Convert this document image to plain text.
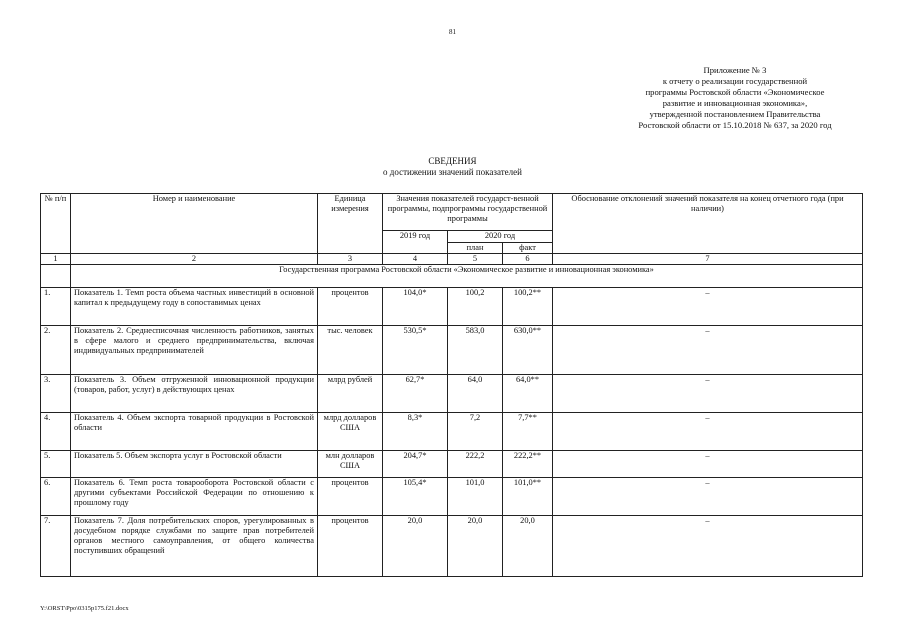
81
Приложение № 3
к отчету о реализации государственной
программы Ростовской области «Экономическое
развитие и инновационная экономика»,
утвержденной постановлением Правительства
Ростовской области от 15.10.2018 № 637, за 2020 год
СВЕДЕНИЯ
о достижении значений показателей
№ п/п	Номер и наименование	Единица измерения	Значения показателей государст-венной программы, подпрограммы государственной программы			Обоснование отклонений значений показателя на конец отчетного года (при наличии)
			2019 год	2020 год		
				план	факт	
1	2	3	4	5	6	7

	Государственная программа Ростовской области «Экономическое развитие и инновационная экономика»					

1.	Показатель 1. Темп роста объема частных инвестиций в основной капитал к предыдущему году в сопоставимых ценах	процентов	104,0*	100,2	100,2**	–
2.	Показатель 2. Среднесписочная численность работников, занятых в сфере малого и среднего предпринимательства, включая индивидуальных предпринимателей	тыс. человек	530,5*	583,0	630,0**	–
3.	Показатель 3. Объем отгруженной инновационной продукции (товаров, работ, услуг) в действующих ценах	млрд рублей	62,7*	64,0	64,0**	–
4.	Показатель 4. Объем экспорта товарной продукции в Ростовской области	млрд долларов США	8,3*	7,2	7,7**	–
5.	Показатель 5. Объем экспорта услуг в Ростовской области	млн долларов США	204,7*	222,2	222,2**	–
6.	Показатель 6. Темп роста товарооборота Ростовской области с другими субъектами Российской Федерации по отношению к прошлому году	процентов	105,4*	101,0	101,0**	–
7.	Показатель 7. Доля потребительских споров, урегулированных в досудебном порядке службами по защите прав потребителей органов местного самоуправления, от общего количества поступивших обращений	процентов	20,0	20,0	20,0	–
Y:\ORST\Ppo\0315p175.f21.docx
